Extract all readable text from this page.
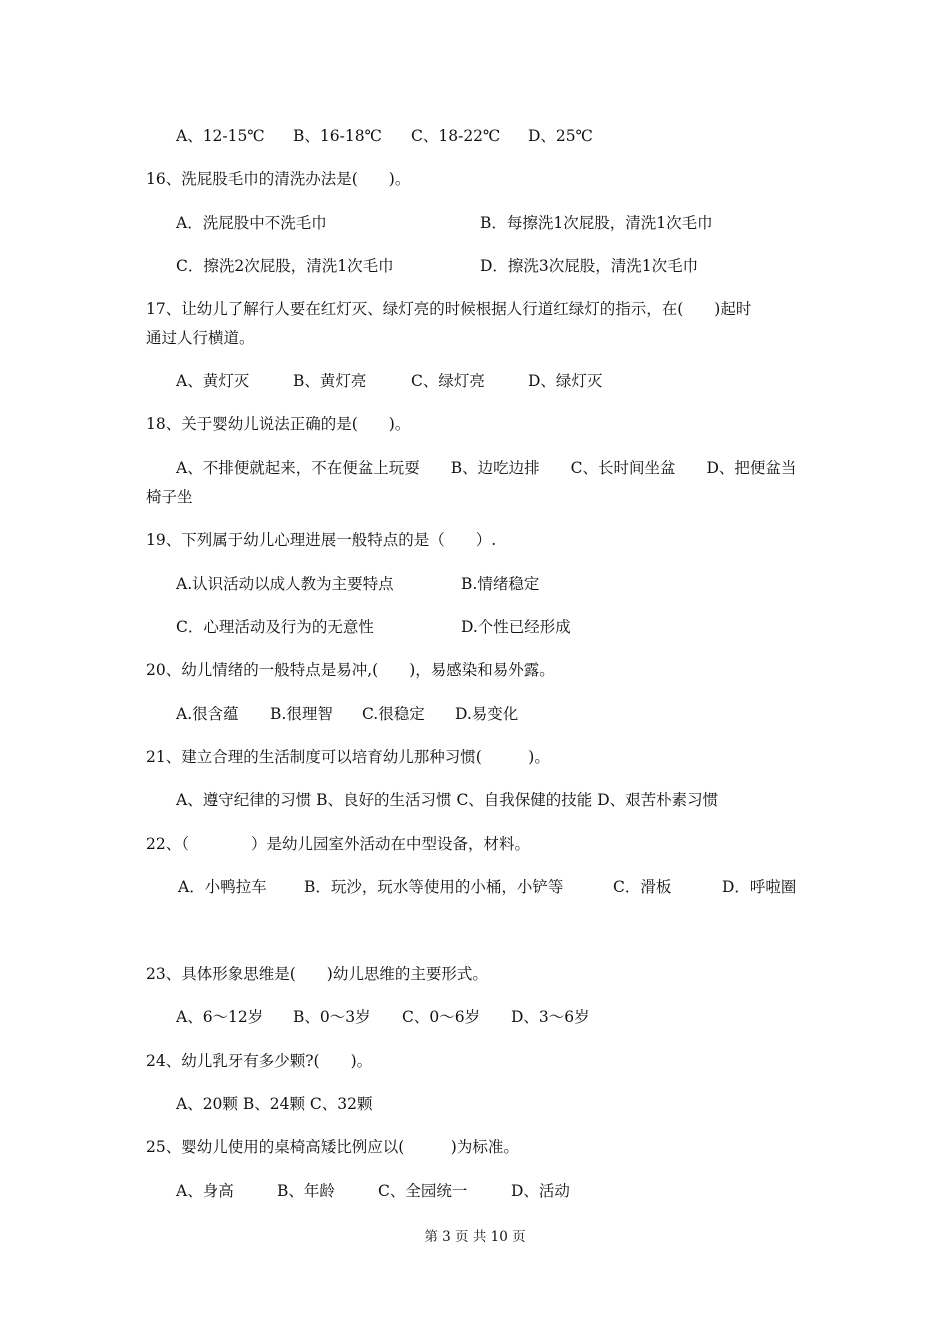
A、12-15℃ B、16-18℃ C、18-22℃ D、25℃
16、洗屁股毛巾的清洗办法是(　　)。
A．洗屁股中不洗毛巾	B．每擦洗1次屁股，清洗1次毛巾
C．擦洗2次屁股，清洗1次毛巾	D．擦洗3次屁股，清洗1次毛巾
17、让幼儿了解行人要在红灯灭、绿灯亮的时候根据人行道红绿灯的指示，在(　　)起时
通过人行横道。
A、黄灯灭	B、黄灯亮	C、绿灯亮	D、绿灯灭
18、关于婴幼儿说法正确的是(　　)。
A、不排便就起来，不在便盆上玩耍　　B、边吃边排　　C、长时间坐盆　　D、把便盆当
椅子坐
19、下列属于幼儿心理进展一般特点的是（　　）.
A.认识活动以成人教为主要特点	B.情绪稳定
C．心理活动及行为的无意性	D.个性已经形成
20、幼儿情绪的一般特点是易冲,(　　)，易感染和易外露。
A.很含蕴 B.很理智 C.很稳定 D.易变化
21、建立合理的生活制度可以培育幼儿那种习惯(　　　)。
A、遵守纪律的习惯 B、良好的生活习惯 C、自我保健的技能 D、艰苦朴素习惯
22、（　　　　）是幼儿园室外活动在中型设备，材料。
A．小鸭拉车 B．玩沙，玩水等使用的小桶，小铲等	C．滑板	D．呼啦圈
23、具体形象思维是(　　)幼儿思维的主要形式。
A、6～12岁 B、0～3岁 C、0～6岁 D、3～6岁
24、幼儿乳牙有多少颗?(　　)。
A、20颗 B、24颗 C、32颗
25、婴幼儿使用的桌椅高矮比例应以(　　　)为标准。
A、身高	B、年龄	C、全园统一	D、活动
第 3 页 共 10 页
